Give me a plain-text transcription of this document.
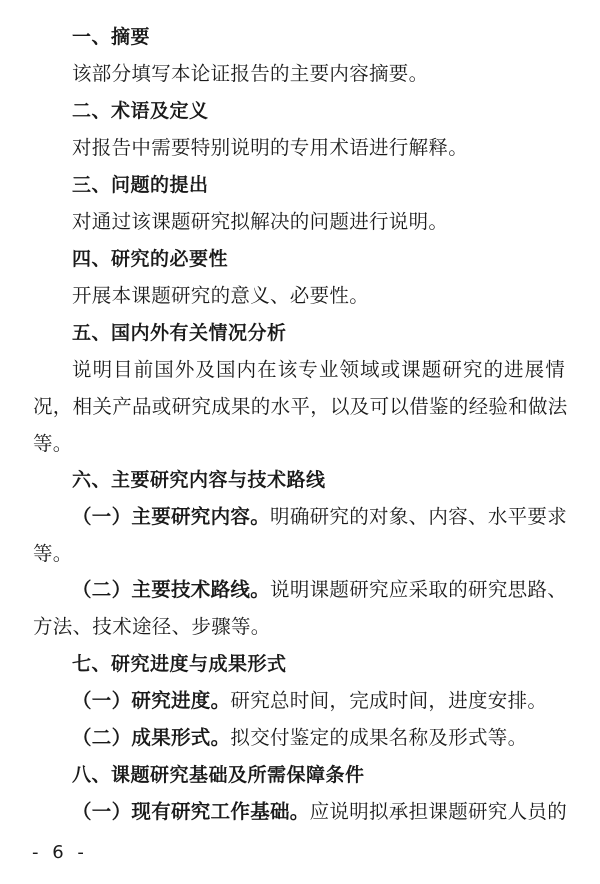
一、摘要
该部分填写本论证报告的主要内容摘要。
二、术语及定义
对报告中需要特别说明的专用术语进行解释。
三、问题的提出
对通过该课题研究拟解决的问题进行说明。
四、研究的必要性
开展本课题研究的意义、必要性。
五、国内外有关情况分析
说明目前国外及国内在该专业领域或课题研究的进展情
况，相关产品或研究成果的水平，以及可以借鉴的经验和做法
等。
六、主要研究内容与技术路线
（一）主要研究内容。 明确研究的对象、内容、水平要求
等。
（二）主要技术路线。 说明课题研究应采取的研究思路、
方法、技术途径、步骤等。
七、研究进度与成果形式
（一）研究进度。研究总时间，完成时间，进度安排。
（二）成果形式。拟交付鉴定的成果名称及形式等。
八、课题研究基础及所需保障条件
（一）现有研究工作基础。 应说明拟承担课题研究人员的
- 6 -
